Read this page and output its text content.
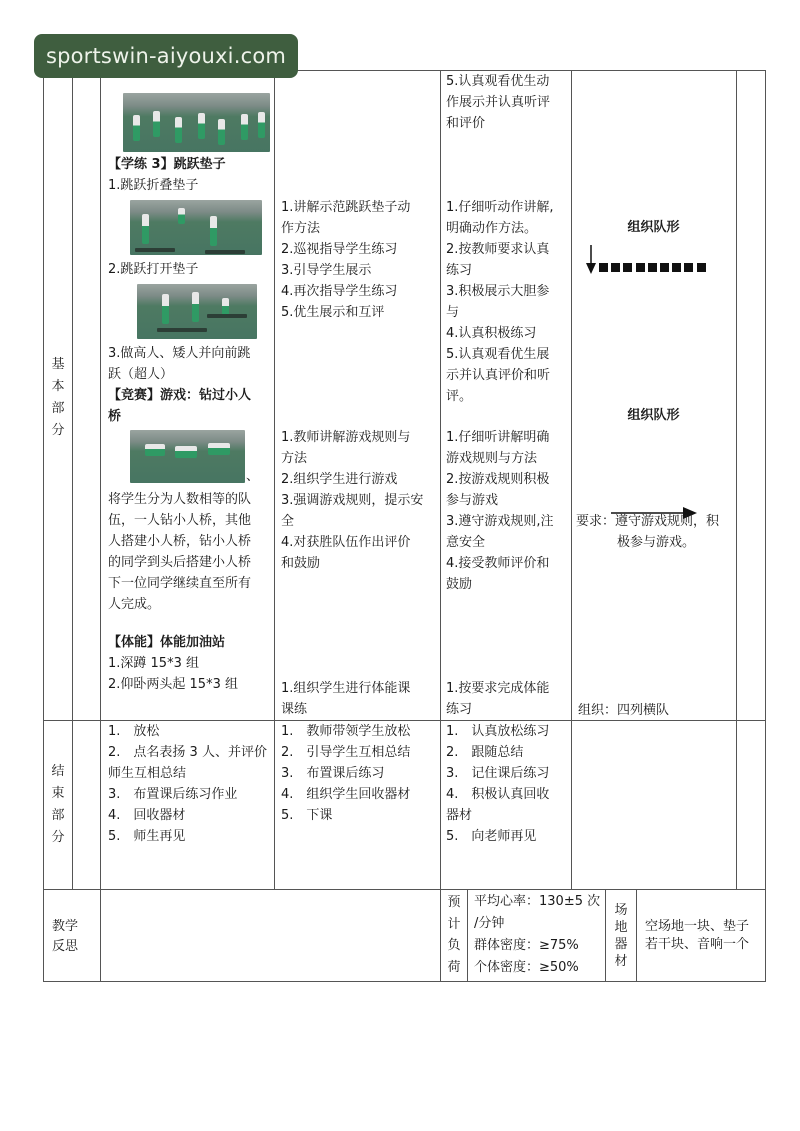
sportswin-aiyouxi.com
基
本
部
分
结
束
部
分

教学

反思

【学练 3】跳跃垫子
1.跳跃折叠垫子
2.跳跃打开垫子

3.做高人、矮人并向前跳

跃（超人）

【竞赛】游戏：钻过小人

桥

、

将学生分为人数相等的队

伍，一人钻小人桥，其他

人搭建小人桥，钻小人桥

的同学到头后搭建小人桥

下一位同学继续直至所有

人完成。

【体能】体能加油站

1.深蹲 15*3 组

2.仰卧两头起 15*3 组

1.讲解示范跳跃垫子动

作方法

2.巡视指导学生练习

3.引导学生展示

4.再次指导学生练习

5.优生展示和互评

1.教师讲解游戏规则与

方法

2.组织学生进行游戏

3.强调游戏规则，提示安

全

4.对获胜队伍作出评价

和鼓励

1.组织学生进行体能课

课练

5.认真观看优生动

作展示并认真听评

和评价

1.仔细听动作讲解,

明确动作方法。

2.按教师要求认真

练习

3.积极展示大胆参

与

4.认真积极练习

5.认真观看优生展

示并认真评价和听

评。

1.仔细听讲解明确

游戏规则与方法

2.按游戏规则积极

参与游戏

3.遵守游戏规则,注

意安全

4.接受教师评价和

鼓励

1.按要求完成体能

练习

组织队形
组织队形

要求：遵守游戏规则，积

极参与游戏。

组织：四列横队

1.　放松

2.　点名表扬 3 人、并评价

师生互相总结

3.　布置课后练习作业

4.　回收器材

5.　师生再见

1.　教师带领学生放松

2.　引导学生互相总结

3.　布置课后练习

4.　组织学生回收器材

5.　下课

1.　认真放松练习

2.　跟随总结

3.　记住课后练习

4.　积极认真回收

器材

5.　向老师再见

预
计
负
荷

平均心率：130±5 次

/分钟

群体密度：≥75%

个体密度：≥50%

场
地
器
材

空场地一块、垫子

若干块、音响一个
